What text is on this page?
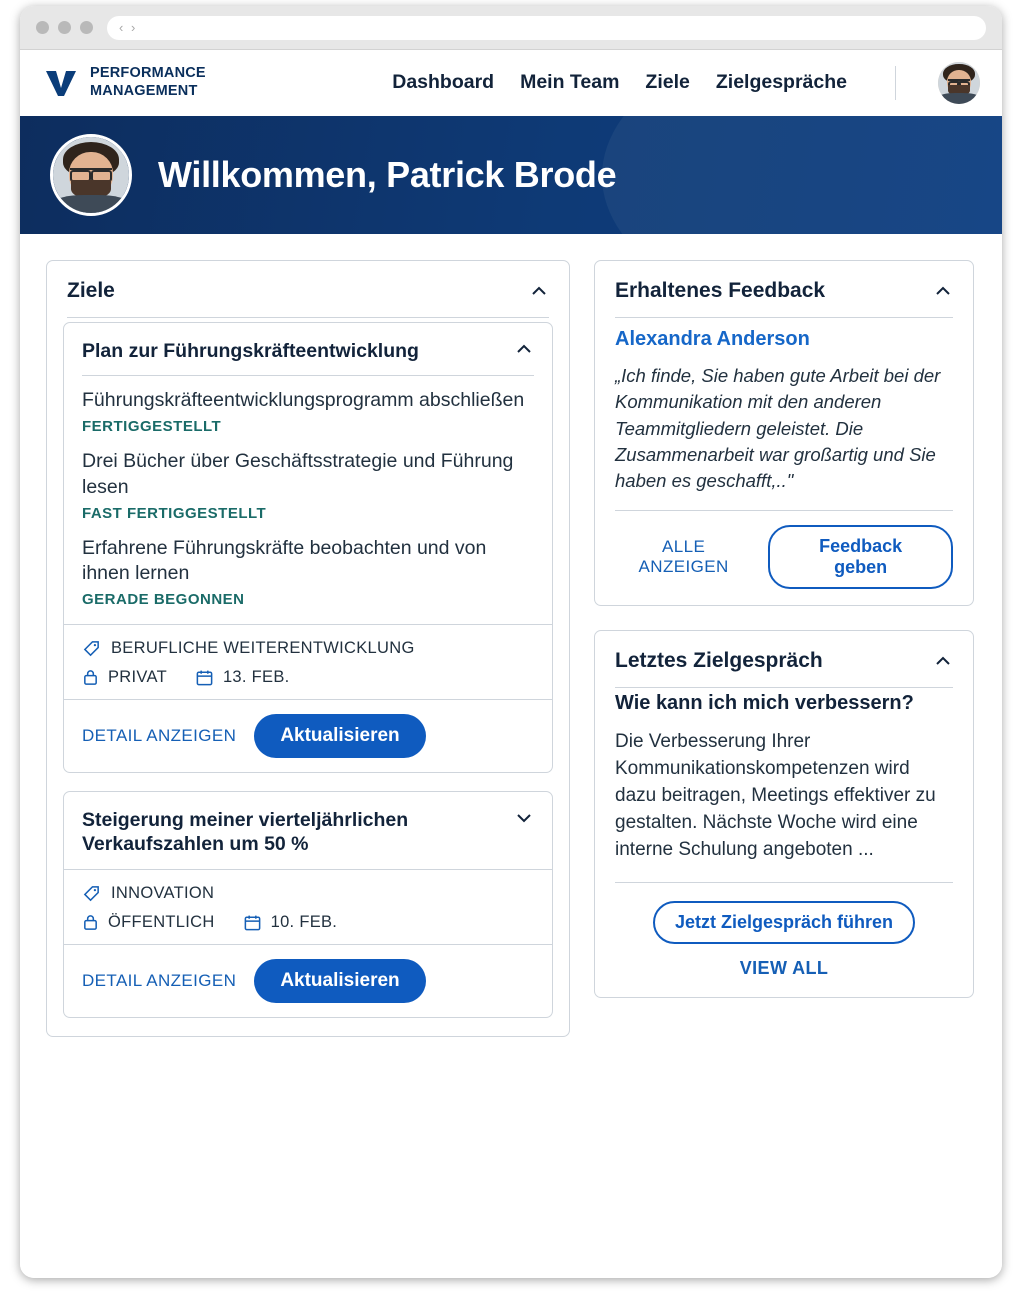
‹ ›
PERFORMANCE
MANAGEMENT	Dashboard Mein Team Ziele Zielgespräche
Willkommen, Patrick Brode
Ziele
Plan zur Führungskräfteentwicklung
Führungskräfteentwicklungsprogramm abschließen
FERTIGGESTELLT
Drei Bücher über Geschäftsstrategie und Führung lesen
FAST FERTIGGESTELLT
Erfahrene Führungskräfte beobachten und von ihnen lernen
GERADE BEGONNEN
BERUFLICHE WEITERENTWICKLUNG
PRIVAT	13. FEB.
DETAIL ANZEIGEN	Aktualisieren
Steigerung meiner vierteljährlichen Verkaufszahlen um 50 %
INNOVATION
ÖFFENTLICH	10. FEB.
DETAIL ANZEIGEN	Aktualisieren
Erhaltenes Feedback
Alexandra Anderson
„Ich finde, Sie haben gute Arbeit bei der Kommunikation mit den anderen Teammitgliedern geleistet. Die Zusammenarbeit war großartig und Sie haben es geschafft,.."
ALLE ANZEIGEN
Feedback geben
Letztes Zielgespräch
Wie kann ich mich verbessern?
Die Verbesserung Ihrer Kommunikationskompetenzen wird dazu beitragen, Meetings effektiver zu gestalten. Nächste Woche wird eine interne Schulung angeboten ...
Jetzt Zielgespräch führen
VIEW ALL
